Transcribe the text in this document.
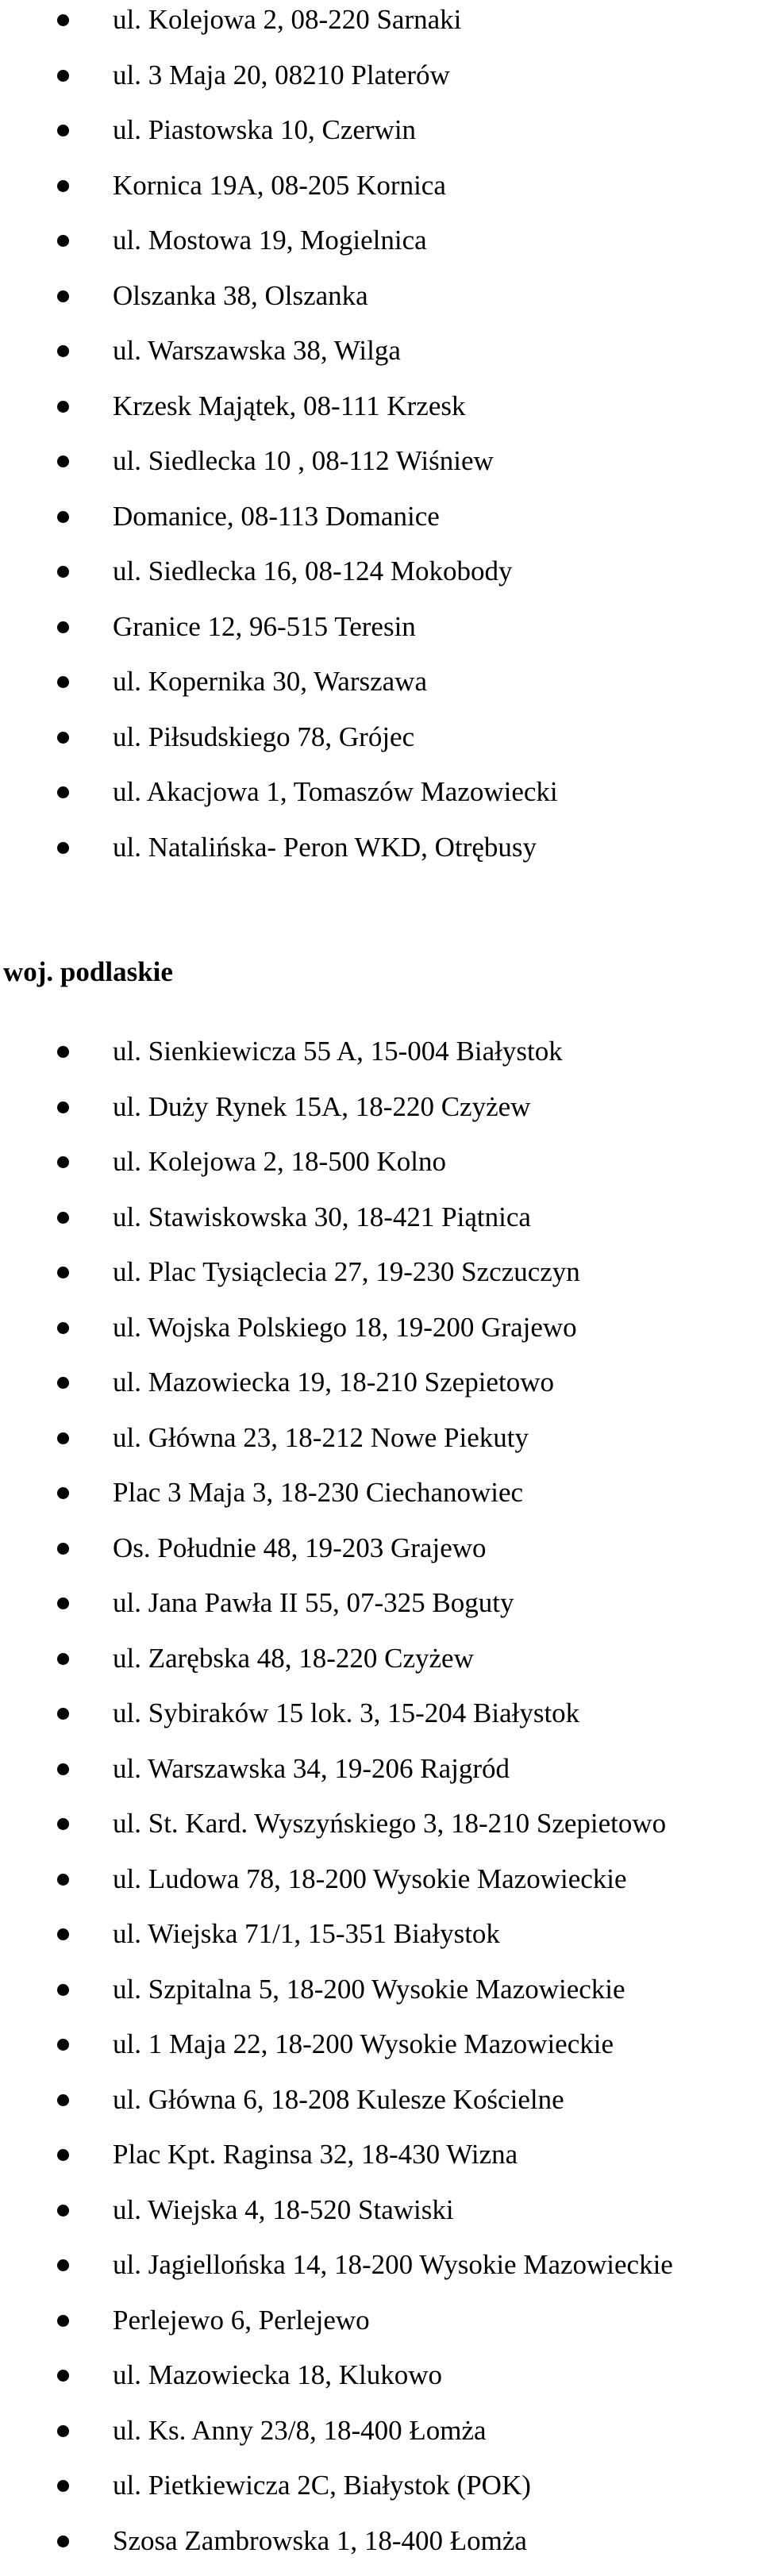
ul. Kolejowa 2, 08-220 Sarnaki
ul. 3 Maja 20, 08210 Platerów
ul. Piastowska 10, Czerwin
Kornica 19A, 08-205 Kornica
ul. Mostowa 19, Mogielnica
Olszanka 38, Olszanka
ul. Warszawska 38, Wilga
Krzesk Majątek, 08-111 Krzesk
ul. Siedlecka 10 , 08-112 Wiśniew
Domanice, 08-113 Domanice
ul. Siedlecka 16, 08-124 Mokobody
Granice 12, 96-515 Teresin
ul. Kopernika 30, Warszawa
ul. Piłsudskiego 78, Grójec
ul. Akacjowa 1, Tomaszów Mazowiecki
ul. Natalińska- Peron WKD, Otrębusy
woj. podlaskie
ul. Sienkiewicza 55 A, 15-004 Białystok
ul. Duży Rynek 15A, 18-220 Czyżew
ul. Kolejowa 2, 18-500 Kolno
ul. Stawiskowska 30, 18-421 Piątnica
ul. Plac Tysiąclecia 27, 19-230 Szczuczyn
ul. Wojska Polskiego 18, 19-200 Grajewo
ul. Mazowiecka 19, 18-210 Szepietowo
ul. Główna 23, 18-212 Nowe Piekuty
Plac 3 Maja 3, 18-230 Ciechanowiec
Os. Południe 48, 19-203 Grajewo
ul. Jana Pawła II 55, 07-325 Boguty
ul. Zarębska 48, 18-220 Czyżew
ul. Sybiraków 15 lok. 3, 15-204 Białystok
ul. Warszawska 34, 19-206 Rajgród
ul. St. Kard. Wyszyńskiego 3, 18-210 Szepietowo
ul. Ludowa 78, 18-200 Wysokie Mazowieckie
ul. Wiejska 71/1, 15-351 Białystok
ul. Szpitalna 5, 18-200 Wysokie Mazowieckie
ul. 1 Maja 22, 18-200 Wysokie Mazowieckie
ul. Główna 6, 18-208 Kulesze Kościelne
Plac Kpt. Raginsa 32, 18-430 Wizna
ul. Wiejska 4, 18-520 Stawiski
ul. Jagiellońska 14, 18-200 Wysokie Mazowieckie
Perlejewo 6, Perlejewo
ul. Mazowiecka 18, Klukowo
ul. Ks. Anny 23/8, 18-400 Łomża
ul. Pietkiewicza 2C, Białystok (POK)
Szosa Zambrowska 1, 18-400 Łomża
